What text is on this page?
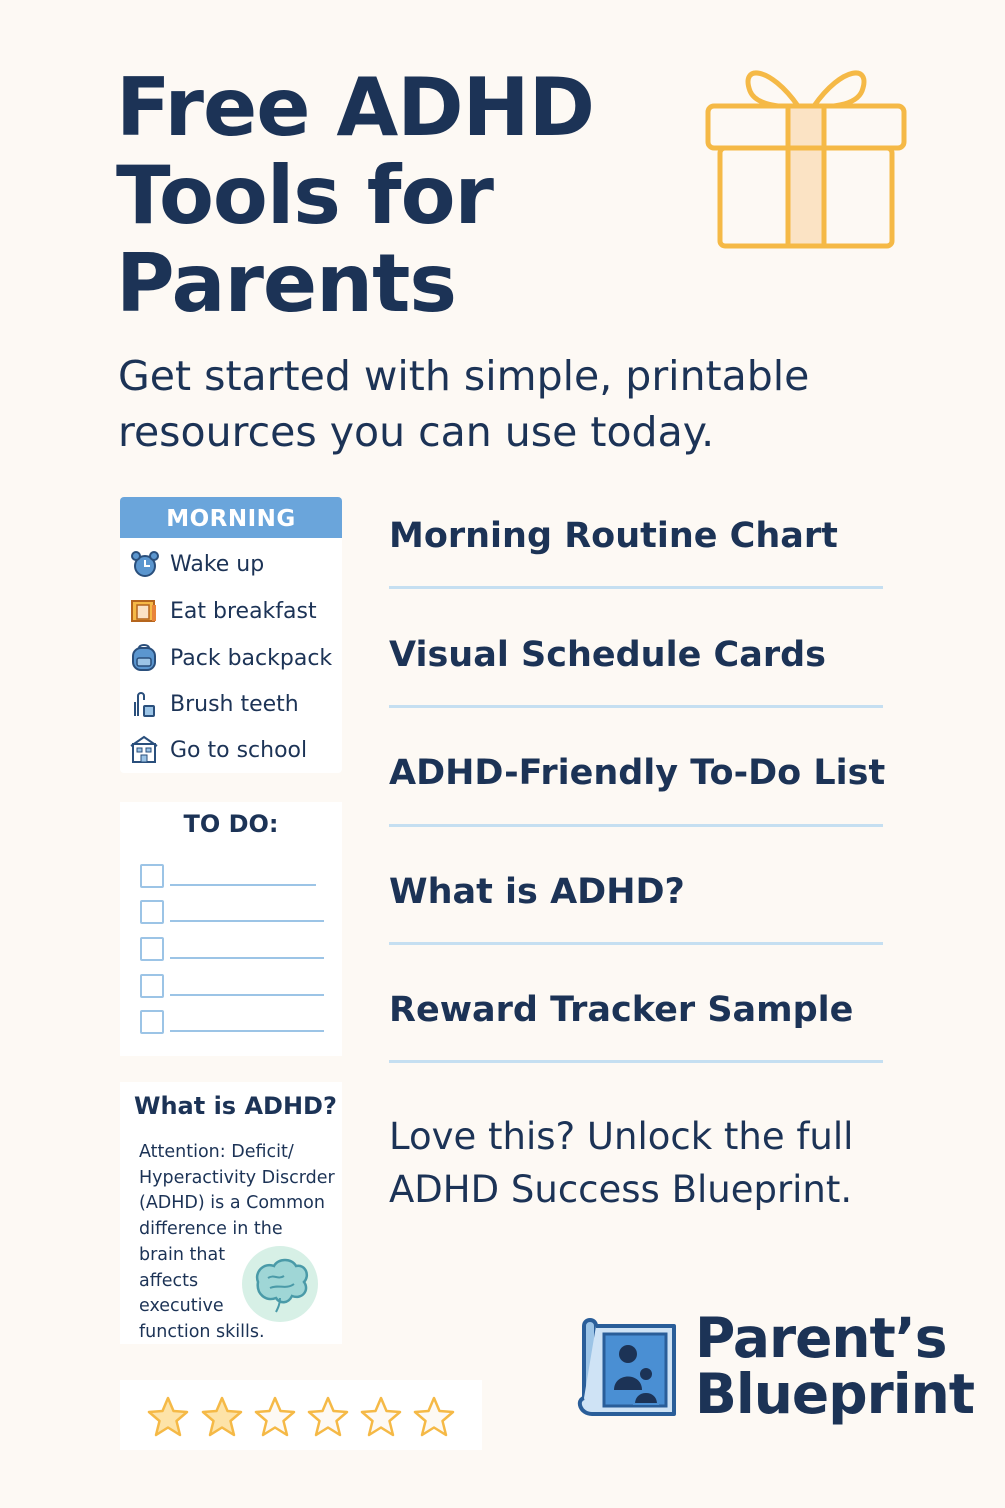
Free ADHD
Tools for
Parents

Get started with simple, printable
resources you can use today.

MORNING
Wake up
Eat breakfast
Pack backpack
Brush teeth
Go to school
TO DO:
What is ADHD?

Attention: Deficit/
Hyperactivity Discrder
(ADHD) is a Common
difference in the
brain that
affects
executive
function skills.

Morning Routine Chart
Visual Schedule Cards
ADHD-Friendly To-Do List
What is ADHD?
Reward Tracker Sample

Love this? Unlock the full
ADHD Success Blueprint.

Parent’s
Blueprint
